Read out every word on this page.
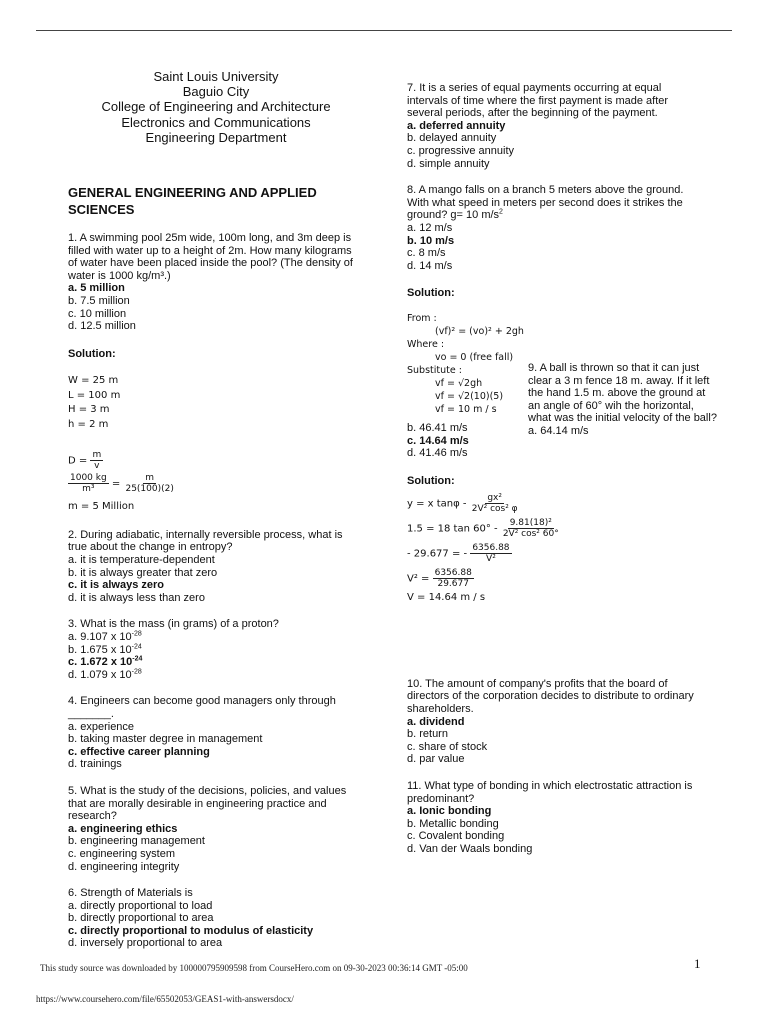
Saint Louis University
Baguio City
College of Engineering and Architecture
Electronics and Communications
Engineering Department
GENERAL ENGINEERING AND APPLIED SCIENCES

1. A swimming pool 25m wide, 100m long, and 3m deep is filled with water up to a height of 2m. How many kilograms of water have been placed inside the pool? (The density of water is 1000 kg/m³.)

a. 5 million
b. 7.5 million
c. 10 million
d. 12.5 million
Solution:
W = 25 m
L = 100 m
H = 3 m
h = 2 m
$D = \frac{m}{v}$
$\frac{1000 kg}{\text{m³}} = \frac{m}{25(100)(2)}$
m = 5 Million

2. During adiabatic, internally reversible process, what is true about the change in entropy?

a. it is temperature-dependent
b. it is always greater that zero
c. it is always zero
d. it is always less than zero

3. What is the mass (in grams) of a proton?

a. 9.107 x $10^{-28}$
b. 1.675 x $10^{-24}$
c. 1.672 x $10^{-24}$
d. 1.079 x $10^{-28}$

4. Engineers can become good managers only through _______.

a. experience
b. taking master degree in management
c. effective career planning
d. trainings

5. What is the study of the decisions, policies, and values that are morally desirable in engineering practice and research?

a. engineering ethics
b. engineering management
c. engineering system
d. engineering integrity

6. Strength of Materials is

a. directly proportional to load
b. directly proportional to area
c. directly proportional to modulus of elasticity
d. inversely proportional to area

7. It is a series of equal payments occurring at equal intervals of time where the first payment is made after several periods, after the beginning of the payment.

a. deferred annuity
b. delayed annuity
c. progressive annuity
d. simple annuity

8. A mango falls on a branch 5 meters above the ground. With what speed in meters per second does it strikes the ground? g= 10 $m/s^2$

a. 12 m/s
b. 10 m/s
c. 8 m/s
d. 14 m/s
Solution:
From :
(vf)² = (vo)² + 2gh
Where :
vo = 0 (free fall)
Substitute :
vf = √2gh
vf = √2(10)(5)
vf = 10 m / s
b. 46.41 m/s
c. 14.64 m/s
d. 41.46 m/s
Solution:
y = x tanφ - $\frac{\text{gx²}}{\text{2V² cos² φ}}$
1.5 = 18 $\tan 60^\circ - \frac{\text{9.81(18)²}}{\text{2V² cos² 60°}}$
- 29.677 = - $\frac{6356.88}{\text{V²}}$
$V^2 = \frac{6356.88}{29.677}$
V = 14.64 m / s

10. The amount of company's profits that the board of directors of the corporation decides to distribute to ordinary shareholders.

a. dividend
b. return
c. share of stock
d. par value

11. What type of bonding in which electrostatic attraction is predominant?

a. Ionic bonding
b. Metallic bonding
c. Covalent bonding
d. Van der Waals bonding

9. A ball is thrown so that it can just clear a 3 m fence 18 m. away. If it left the hand 1.5 m. above the ground at an angle of 60° wih the horizontal, what was the initial velocity of the ball?

a. 64.14 m/s
This study source was downloaded by 100000795909598 from CourseHero.com on 09-30-2023 00:36:14 GMT -05:00
https://www.coursehero.com/file/65502053/GEAS1-with-answersdocx/
1
